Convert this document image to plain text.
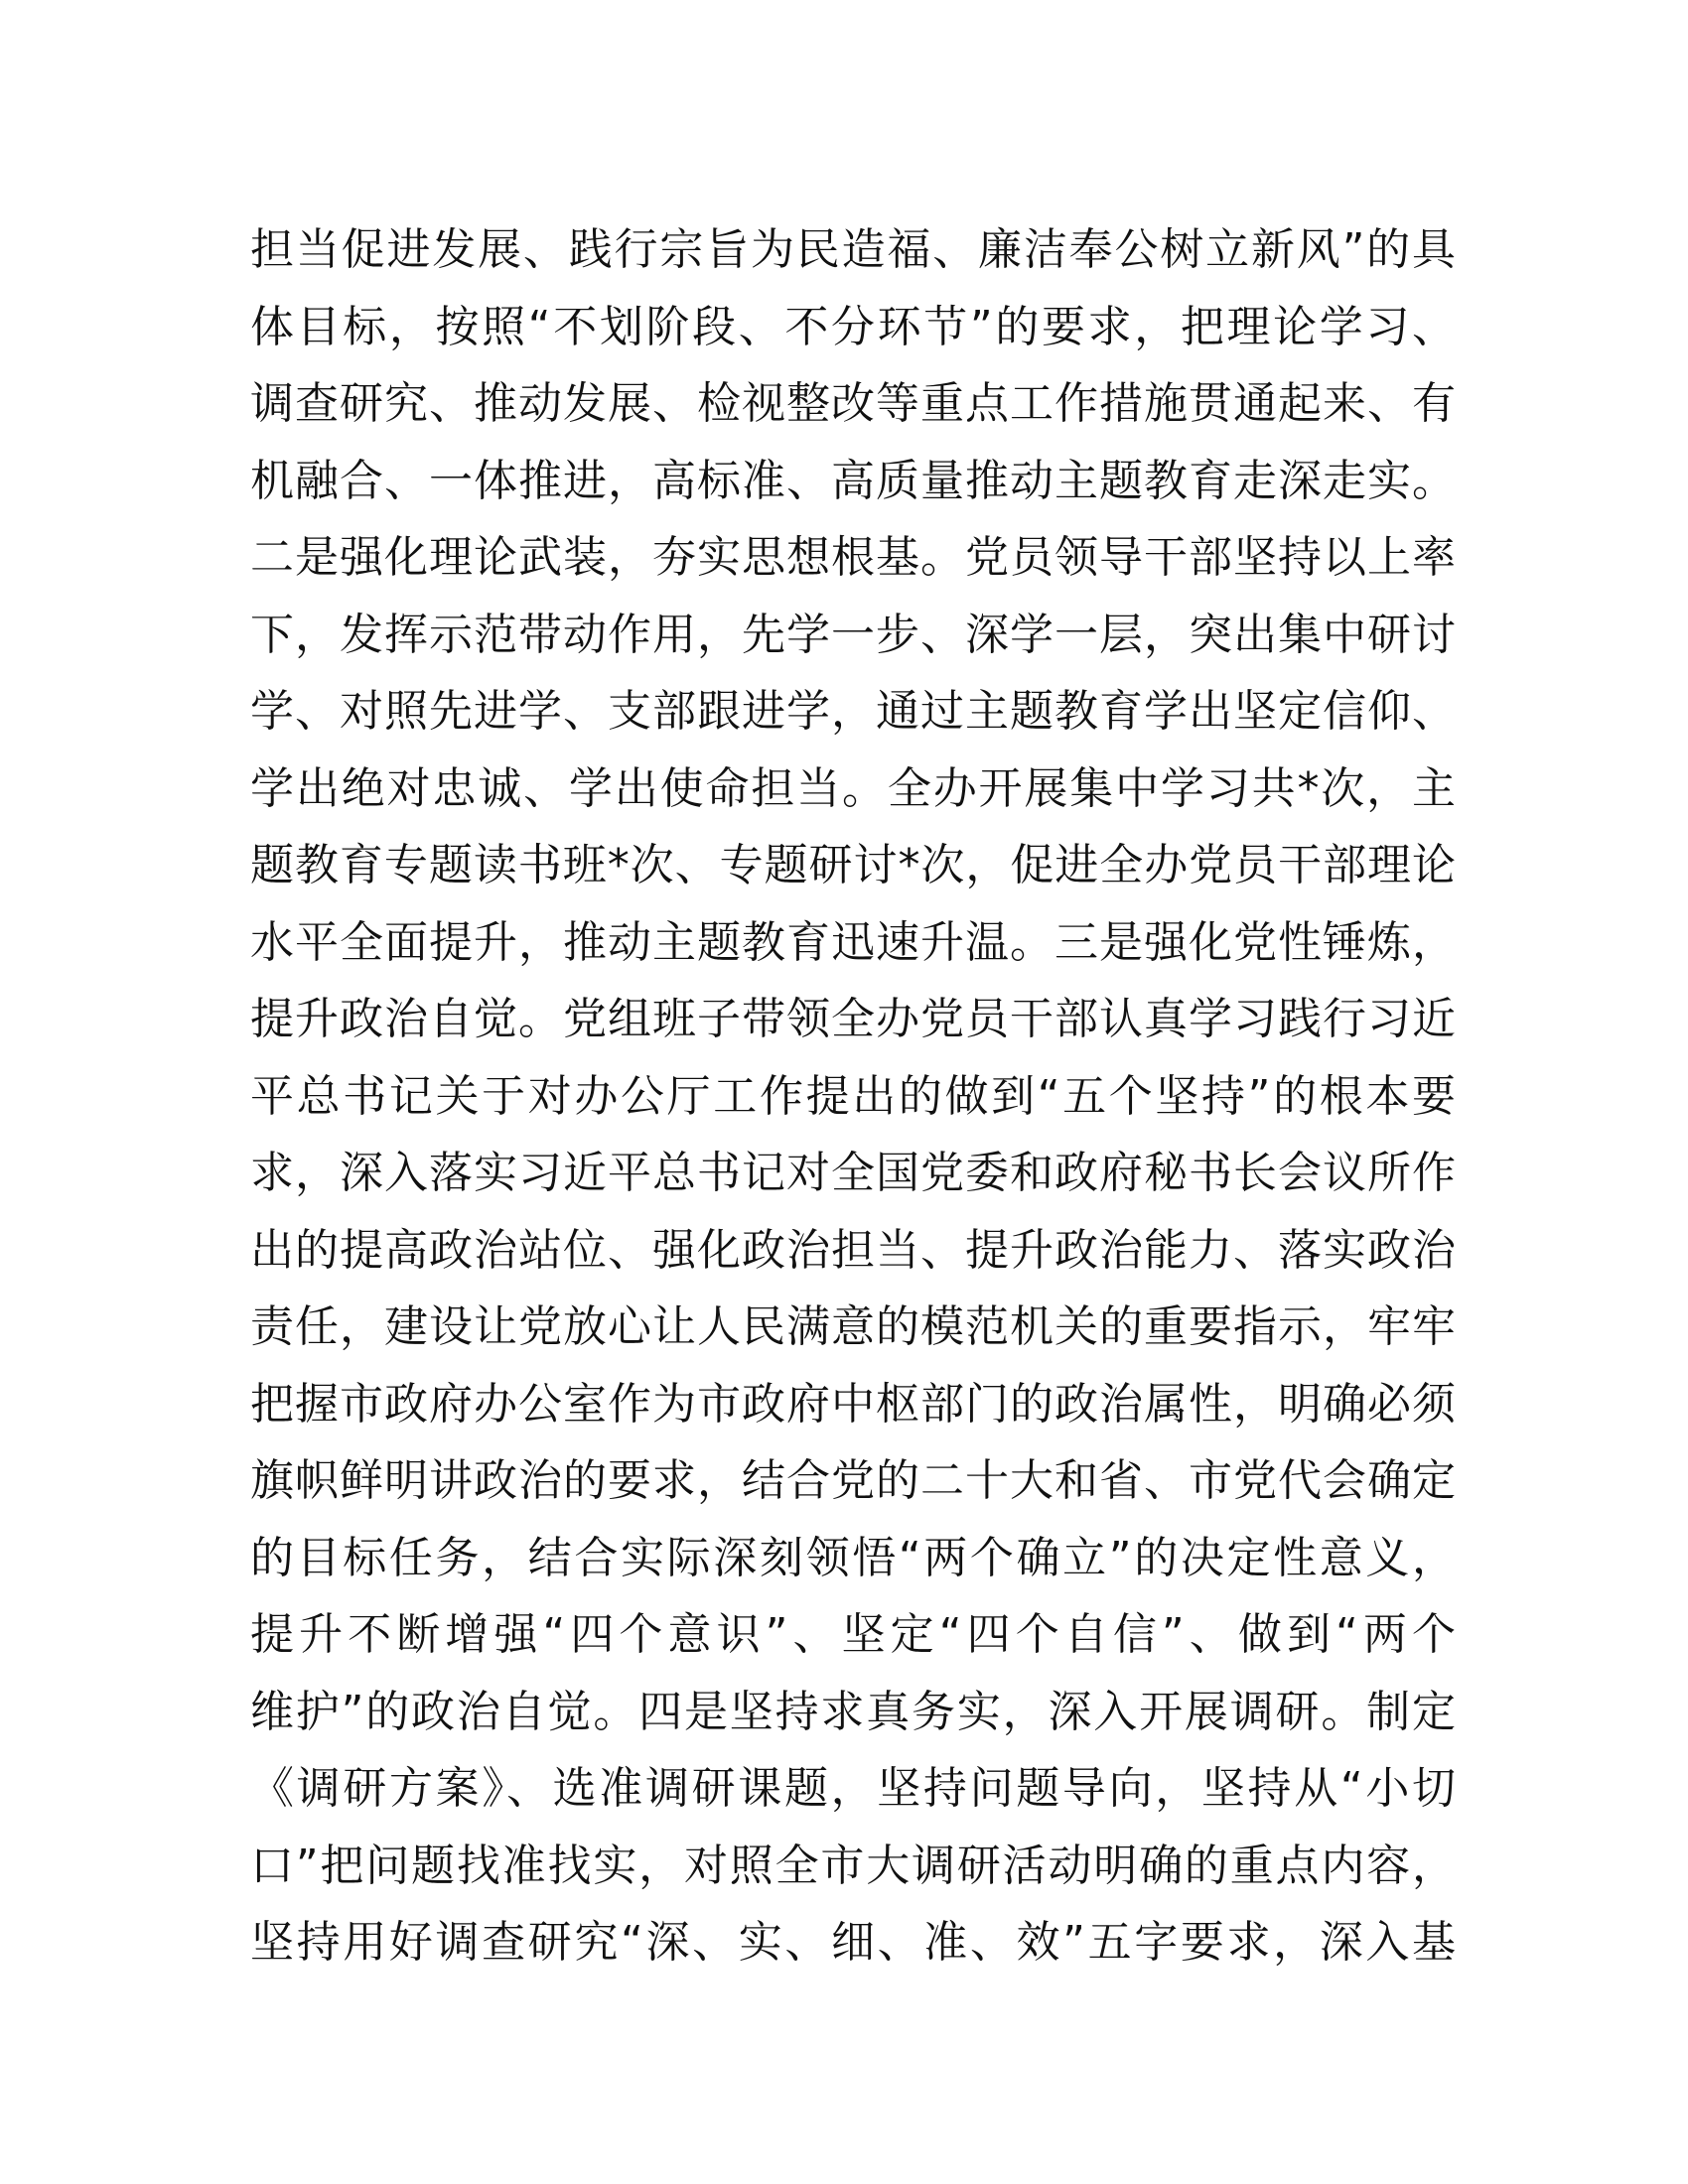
担当促进发展、践行宗旨为民造福、廉洁奉公树立新风”的具
体目标，按照“不划阶段、不分环节”的要求，把理论学习、
调查研究、推动发展、检视整改等重点工作措施贯通起来、有
机融合、一体推进，高标准、高质量推动主题教育走深走实。
二是强化理论武装，夯实思想根基。党员领导干部坚持以上率
下，发挥示范带动作用，先学一步、深学一层，突出集中研讨
学、对照先进学、支部跟进学，通过主题教育学出坚定信仰、
学出绝对忠诚、学出使命担当。全办开展集中学习共*次，主
题教育专题读书班*次、专题研讨*次，促进全办党员干部理论
水平全面提升，推动主题教育迅速升温。三是强化党性锤炼，
提升政治自觉。党组班子带领全办党员干部认真学习践行习近
平总书记关于对办公厅工作提出的做到“五个坚持”的根本要
求，深入落实习近平总书记对全国党委和政府秘书长会议所作
出的提高政治站位、强化政治担当、提升政治能力、落实政治
责任，建设让党放心让人民满意的模范机关的重要指示，牢牢
把握市政府办公室作为市政府中枢部门的政治属性，明确必须
旗帜鲜明讲政治的要求，结合党的二十大和省、市党代会确定
的目标任务，结合实际深刻领悟“两个确立”的决定性意义，
提升不断增强“四个意识”、坚定“四个自信”、做到“两个
维护”的政治自觉。四是坚持求真务实，深入开展调研。制定
《调研方案》、选准调研课题，坚持问题导向，坚持从“小切
口”把问题找准找实，对照全市大调研活动明确的重点内容，
坚持用好调查研究“深、实、细、准、效”五字要求，深入基
